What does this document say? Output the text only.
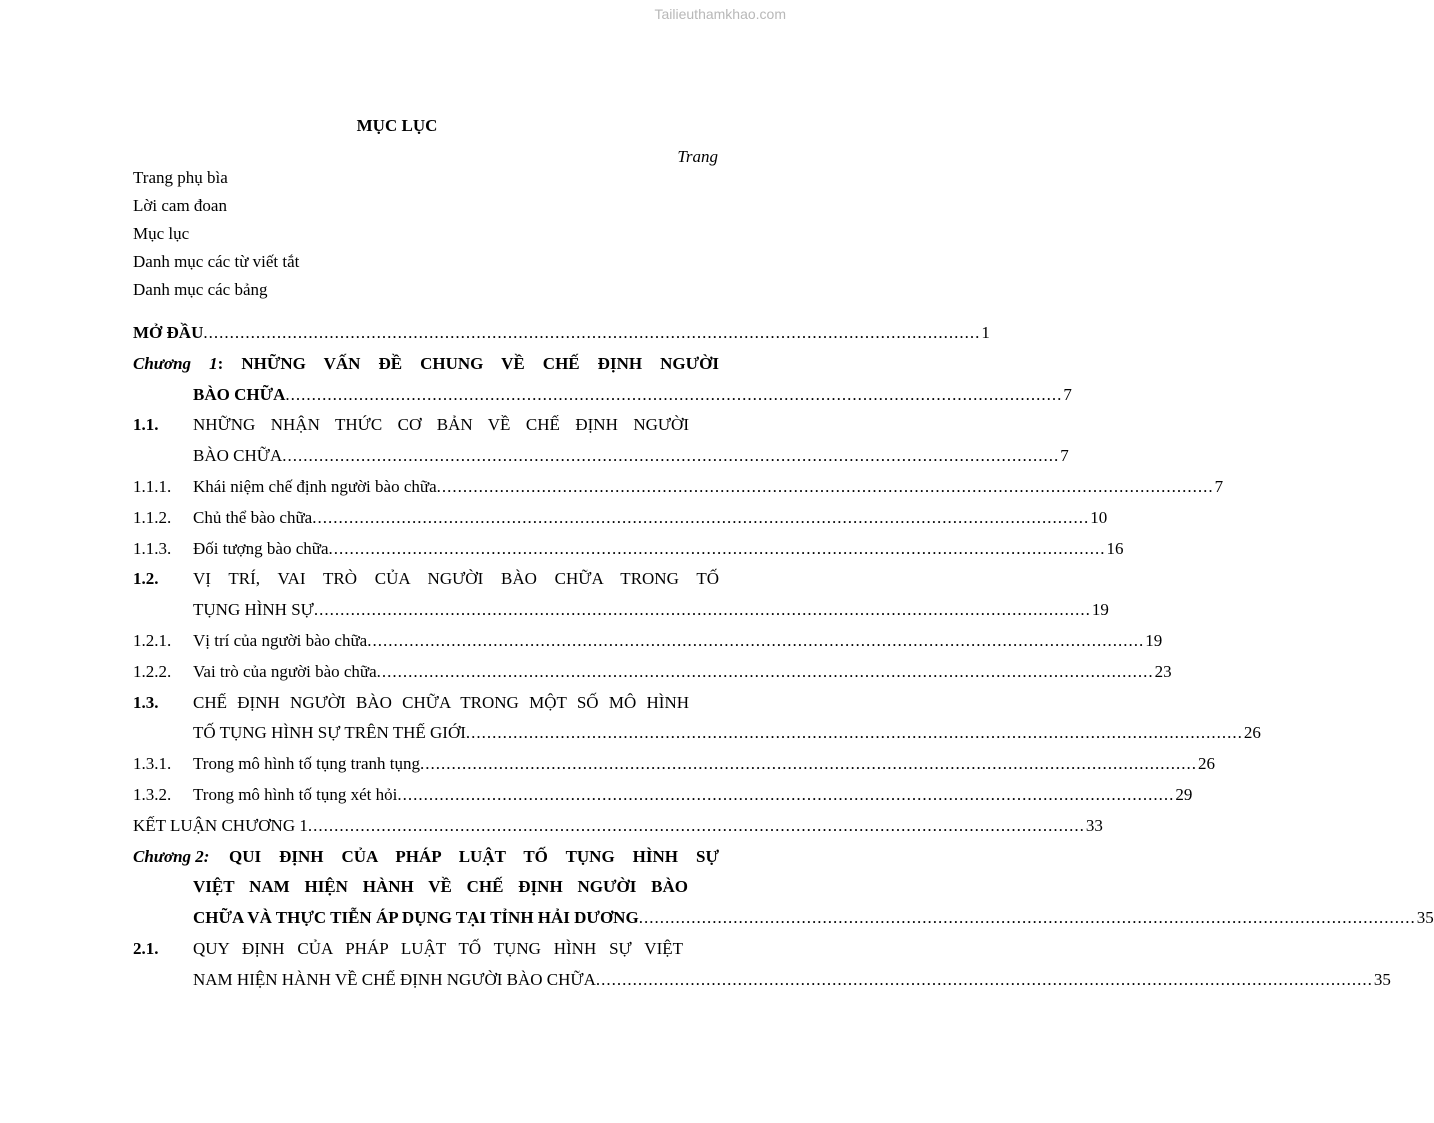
Tailieuthamkhao.com
MỤC LỤC
Trang
Trang phụ bìa
Lời cam đoan
Mục lục
Danh mục các từ viết tắt
Danh mục các bảng
MỞ ĐẦU .................................................................................................................................................... 1
Chương 1: NHỮNG VẤN ĐỀ CHUNG VỀ CHẾ ĐỊNH NGƯỜI
BÀO CHỮA .................................................................................................................................................... 7
1.1.	NHỮNG NHẬN THỨC CƠ BẢN VỀ CHẾ ĐỊNH NGƯỜI
BÀO CHỮA .................................................................................................................................................... 7
1.1.1.	Khái niệm chế định người bào chữa .................................................................................................................................................... 7
1.1.2.	Chủ thể bào chữa .................................................................................................................................................... 10
1.1.3.	Đối tượng bào chữa .................................................................................................................................................... 16
1.2.	VỊ TRÍ, VAI TRÒ CỦA NGƯỜI BÀO CHỮA TRONG TỐ
TỤNG HÌNH SỰ .................................................................................................................................................... 19
1.2.1.	Vị trí của người bào chữa .................................................................................................................................................... 19
1.2.2.	Vai trò của người bào chữa .................................................................................................................................................... 23
1.3.	CHẾ ĐỊNH NGƯỜI BÀO CHỮA TRONG MỘT SỐ MÔ HÌNH
TỐ TỤNG HÌNH SỰ TRÊN THẾ GIỚI .................................................................................................................................................... 26
1.3.1.	Trong mô hình tố tụng tranh tụng .................................................................................................................................................... 26
1.3.2.	Trong mô hình tố tụng xét hỏi .................................................................................................................................................... 29
KẾT LUẬN CHƯƠNG 1 .................................................................................................................................................... 33
Chương 2:	QUI ĐỊNH CỦA PHÁP LUẬT TỐ TỤNG HÌNH SỰ
VIỆT NAM HIỆN HÀNH VỀ CHẾ ĐỊNH NGƯỜI BÀO
CHỮA VÀ THỰC TIỄN ÁP DỤNG TẠI TỈNH HẢI DƯƠNG .................................................................................................................................................... 35
2.1.	QUY ĐỊNH CỦA PHÁP LUẬT TỐ TỤNG HÌNH SỰ VIỆT
NAM HIỆN HÀNH VỀ CHẾ ĐỊNH NGƯỜI BÀO CHỮA .................................................................................................................................................... 35
